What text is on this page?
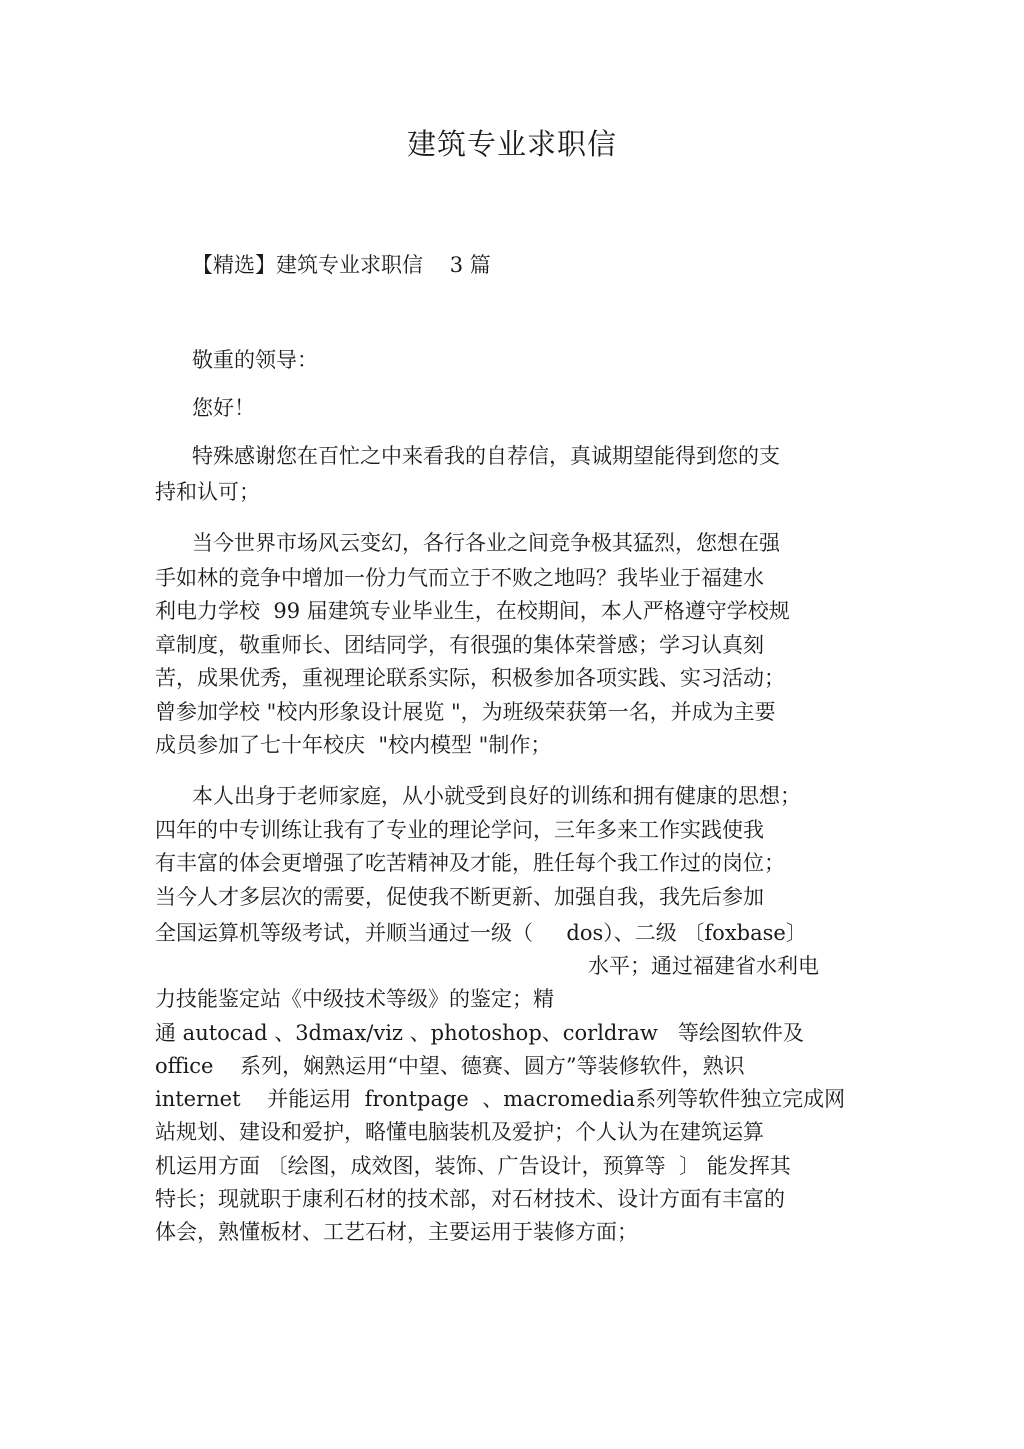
建筑专业求职信
【精选】建筑专业求职信    3 篇
敬重的领导：
您好！
特殊感谢您在百忙之中来看我的自荐信，真诚期望能得到您的支
持和认可；
当今世界市场风云变幻，各行各业之间竞争极其猛烈，您想在强
手如林的竞争中增加一份力气而立于不败之地吗？我毕业于福建水
利电力学校  99 届建筑专业毕业生，在校期间，本人严格遵守学校规
章制度，敬重师长、团结同学，有很强的集体荣誉感；学习认真刻
苦，成果优秀，重视理论联系实际，积极参加各项实践、实习活动；
曾参加学校 "校内形象设计展览 "，为班级荣获第一名，并成为主要
成员参加了七十年校庆  "校内模型 "制作；
本人出身于老师家庭，从小就受到良好的训练和拥有健康的思想；
四年的中专训练让我有了专业的理论学问，三年多来工作实践使我
有丰富的体会更增强了吃苦精神及才能，胜任每个我工作过的岗位；
当今人才多层次的需要，促使我不断更新、加强自我，我先后参加
全国运算机等级考试，并顺当通过一级（     dos）、二级 〔foxbase〕
水平；通过福建省水利电
力技能鉴定站《中级技术等级》的鉴定；精
通 autocad 、3dmax/viz 、photoshop、corldraw   等绘图软件及
office    系列，娴熟运用“中望、德赛、圆方”等装修软件，熟识
internet    并能运用  frontpage  、macromedia系列等软件独立完成网
站规划、建设和爱护，略懂电脑装机及爱护；个人认为在建筑运算
机运用方面 〔绘图，成效图，装饰、广告设计，预算等  〕 能发挥其
特长；现就职于康利石材的技术部，对石材技术、设计方面有丰富的
体会，熟懂板材、工艺石材，主要运用于装修方面；
